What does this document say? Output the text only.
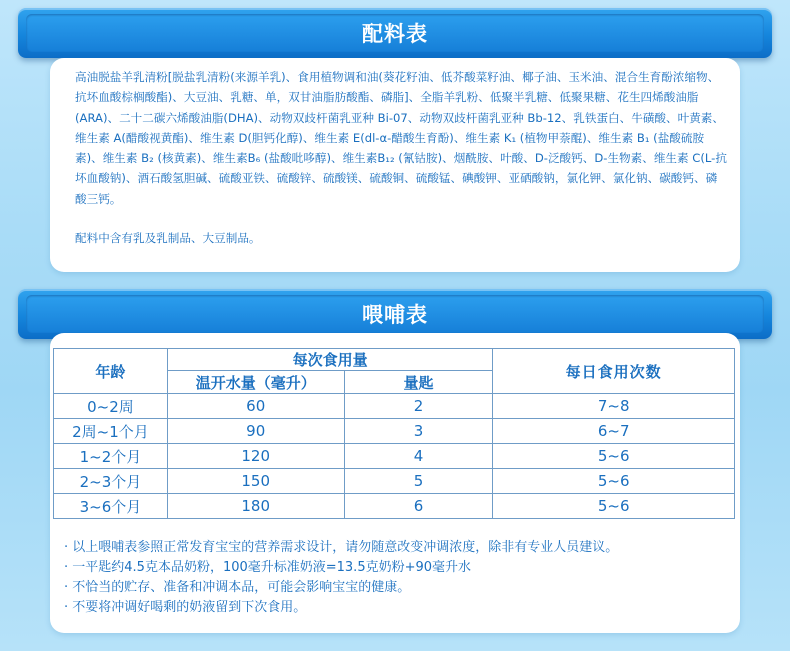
配料表
高油脱盐羊乳清粉[脱盐乳清粉(来源羊乳)、食用植物调和油(葵花籽油、低芥酸菜籽油、椰子油、玉米油、混合生育酚浓缩物、抗坏血酸棕榈酸酯)、大豆油、乳糖、单，双甘油脂肪酸酯、磷脂]、全脂羊乳粉、低聚半乳糖、低聚果糖、花生四烯酸油脂(ARA)、二十二碳六烯酸油脂(DHA)、动物双歧杆菌乳亚种 Bi-07、动物双歧杆菌乳亚种 Bb-12、乳铁蛋白、牛磺酸、叶黄素、维生素 A(醋酸视黄酯)、维生素 D(胆钙化醇)、维生素 E(dl-α-醋酸生育酚)、维生素 K₁ (植物甲萘醌)、维生素 B₁ (盐酸硫胺素)、维生素 B₂ (核黄素)、维生素B₆ (盐酸吡哆醇)、维生素B₁₂ (氰钴胺)、烟酰胺、叶酸、D-泛酸钙、D-生物素、维生素 C(L-抗坏血酸钠)、酒石酸氢胆碱、硫酸亚铁、硫酸锌、硫酸镁、硫酸铜、硫酸锰、碘酸钾、亚硒酸钠，氯化钾、氯化钠、碳酸钙、磷酸三钙。
配料中含有乳及乳制品、大豆制品。
喂哺表
年龄	每次食用量		每日食用次数
	温开水量（毫升）	量匙	
0~2周	60	2	7~8
2周~1个月	90	3	6~7
1~2个月	120	4	5~6
2~3个月	150	5	5~6
3~6个月	180	6	5~6
· 以上喂哺表参照正常发育宝宝的营养需求设计，请勿随意改变冲调浓度，除非有专业人员建议。
· 一平匙约4.5克本品奶粉，100毫升标准奶液=13.5克奶粉+90毫升水
· 不恰当的贮存、准备和冲调本品，可能会影响宝宝的健康。
· 不要将冲调好喝剩的奶液留到下次食用。
